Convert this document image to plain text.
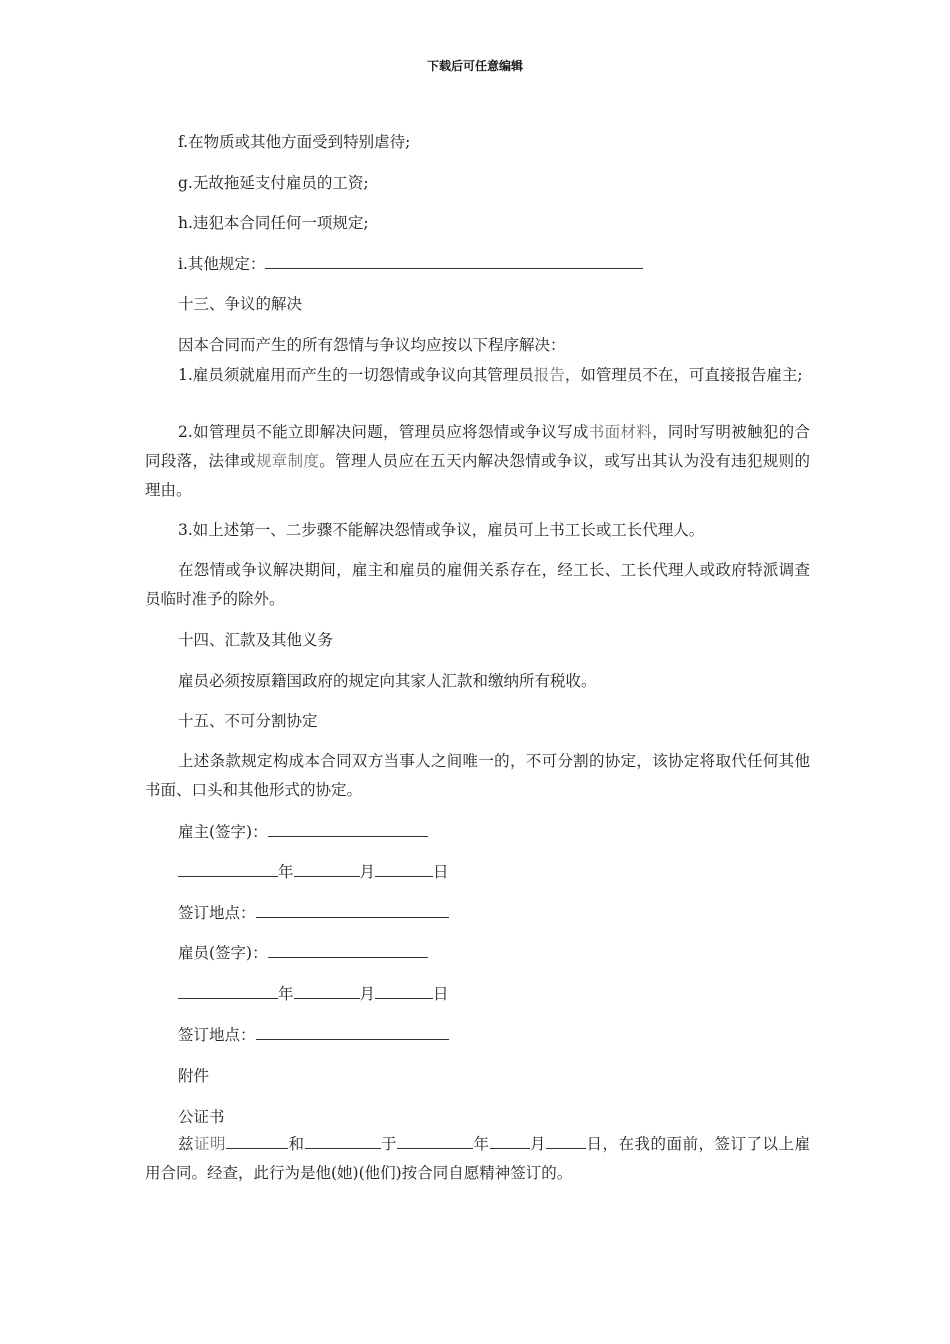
下载后可任意编辑
f.在物质或其他方面受到特别虐待;
g.无故拖延支付雇员的工资;
h.违犯本合同任何一项规定;
i.其他规定：
十三、争议的解决
因本合同而产生的所有怨情与争议均应按以下程序解决：
1.雇员须就雇用而产生的一切怨情或争议向其管理员报告，如管理员不在，可直接报告雇主;
2.如管理员不能立即解决问题，管理员应将怨情或争议写成书面材料，同时写明被触犯的合同段落，法律或规章制度。管理人员应在五天内解决怨情或争议，或写出其认为没有违犯规则的理由。
3.如上述第一、二步骤不能解决怨情或争议，雇员可上书工长或工长代理人。
在怨情或争议解决期间，雇主和雇员的雇佣关系存在，经工长、工长代理人或政府特派调查员临时准予的除外。
十四、汇款及其他义务
雇员必须按原籍国政府的规定向其家人汇款和缴纳所有税收。
十五、不可分割协定
上述条款规定构成本合同双方当事人之间唯一的，不可分割的协定，该协定将取代任何其他书面、口头和其他形式的协定。
雇主(签字)：
年	月	日
签订地点：
雇员(签字)：
年	月	日
签订地点：
附件
公证书
兹证明	和	于	年	月	日，在我的面前，签订了以上雇用合同。经查，此行为是他(她)(他们)按合同自愿精神签订的。
